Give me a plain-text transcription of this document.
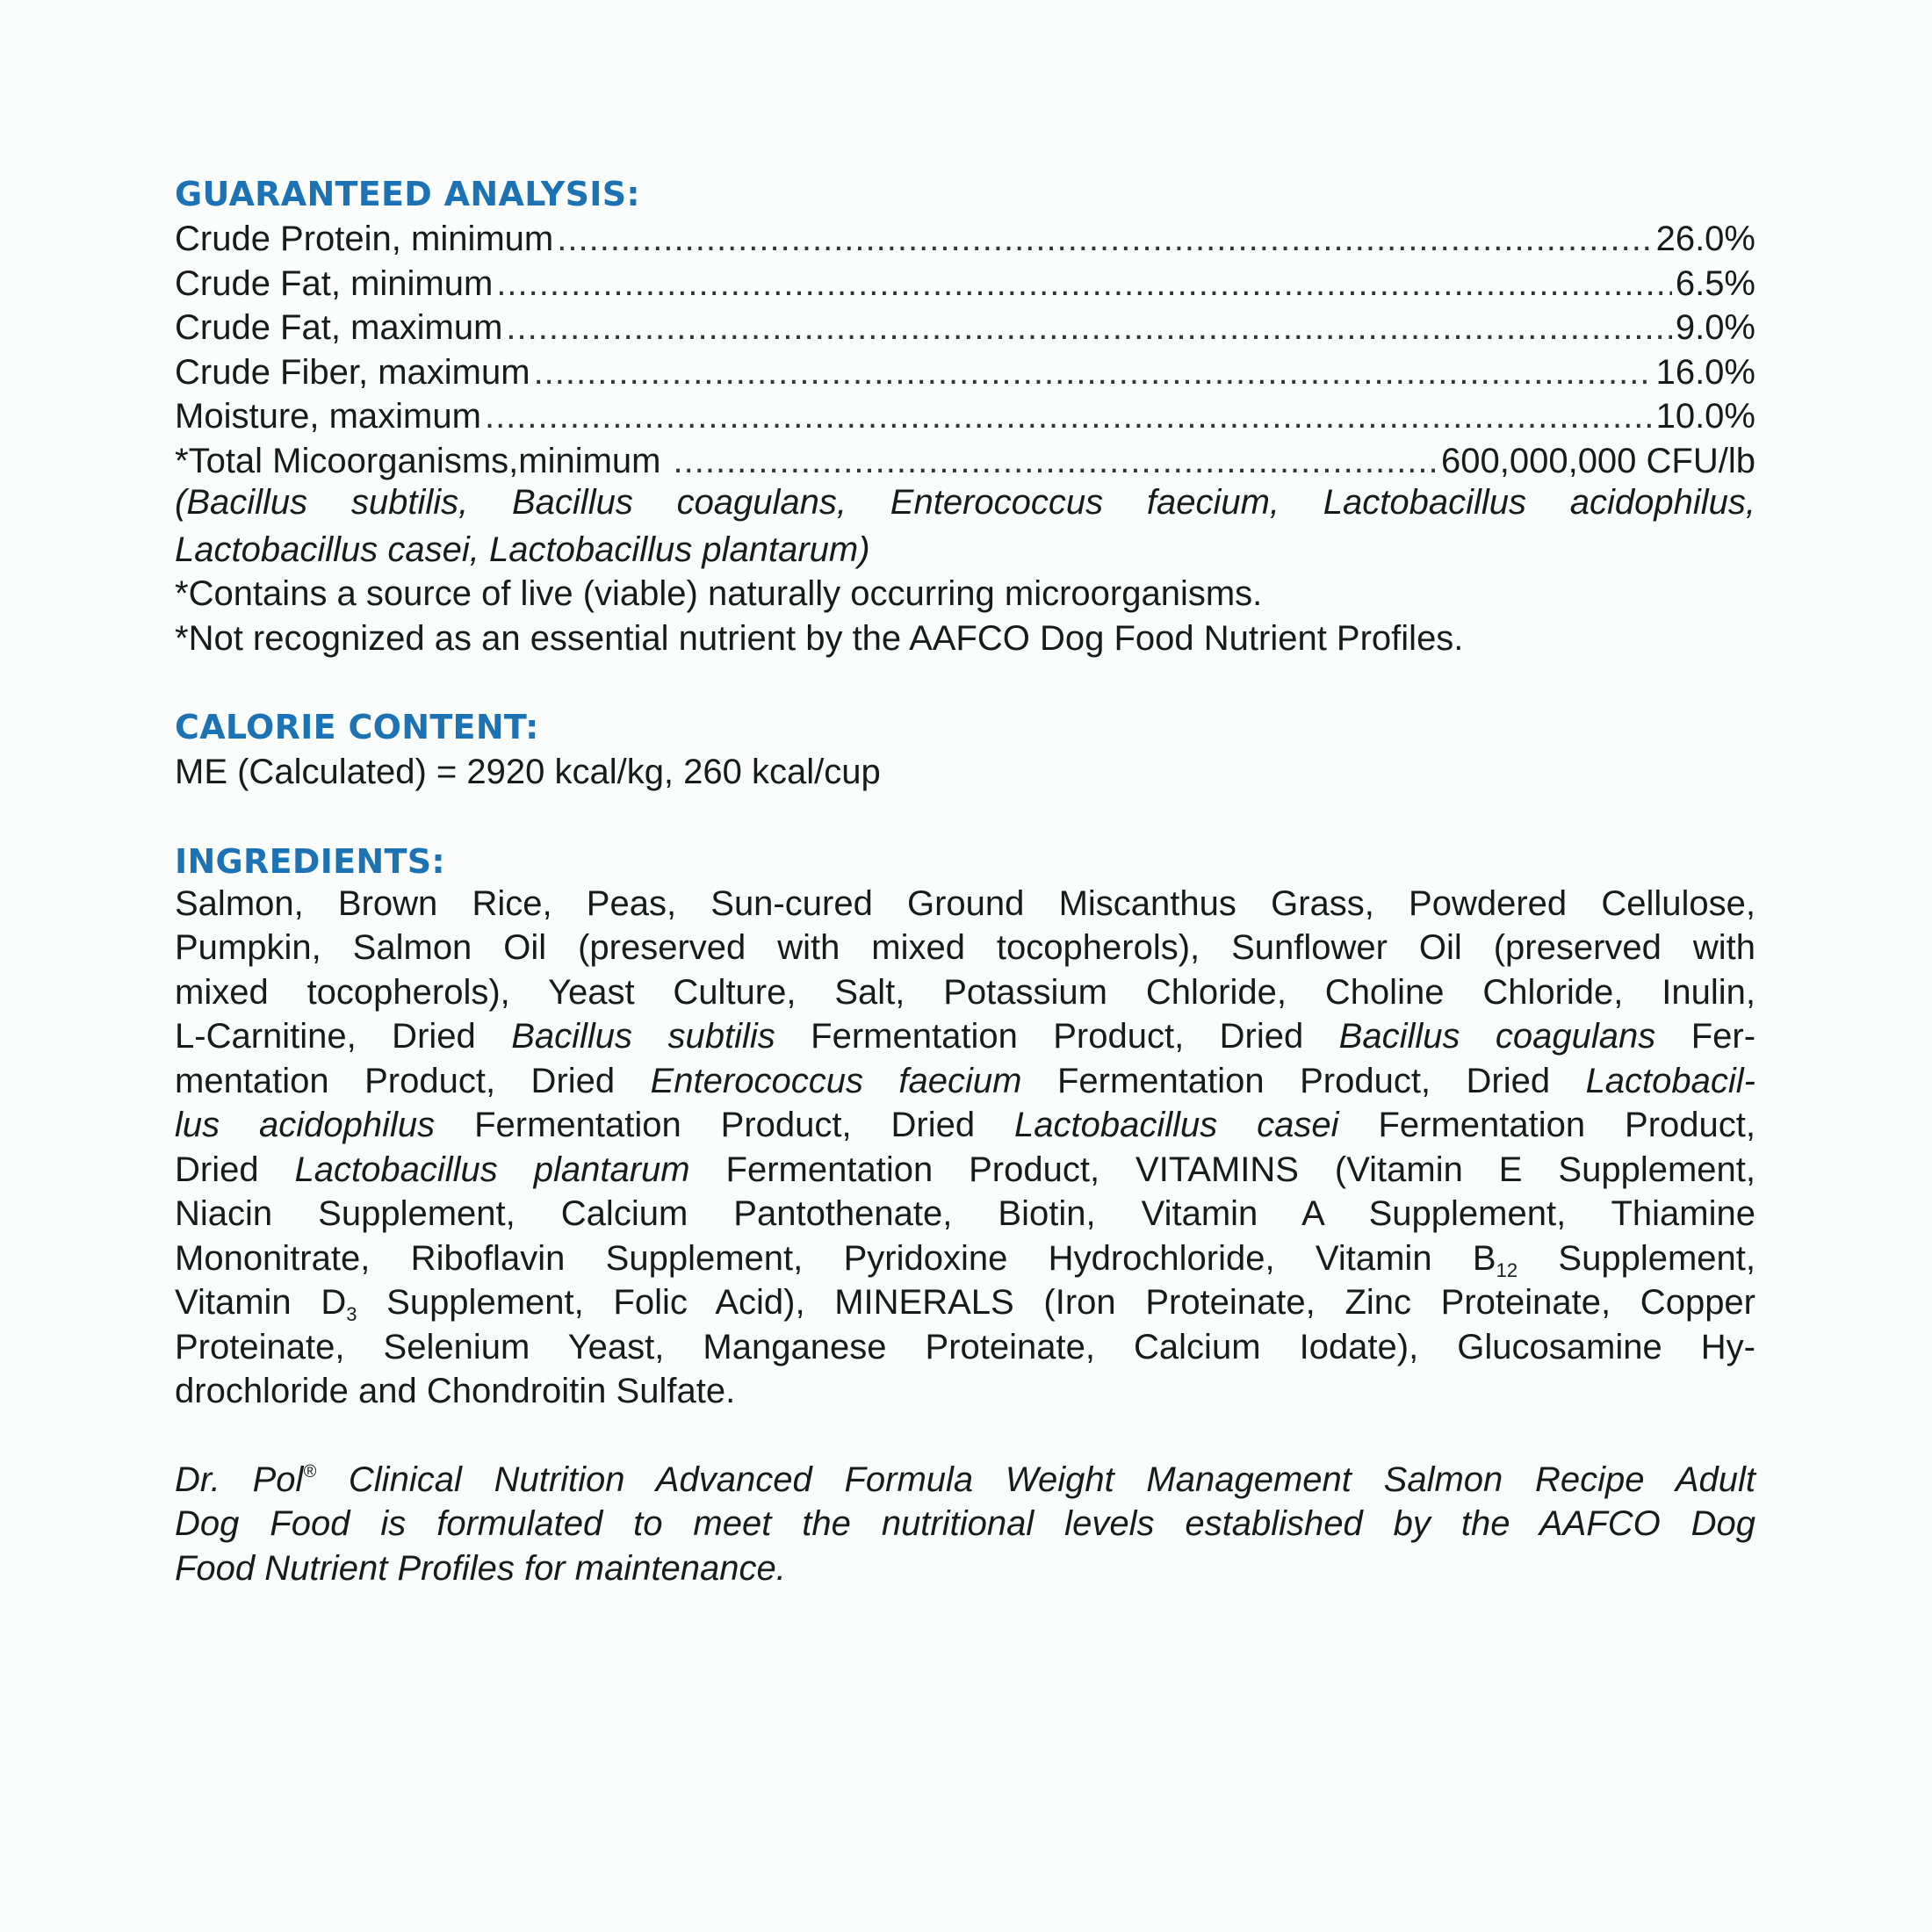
GUARANTEED ANALYSIS:
Crude Protein, minimum .....	26.0%
Crude Fat, minimum .....	6.5%
Crude Fat, maximum .....	9.0%
Crude Fiber, maximum .....	16.0%
Moisture, maximum .....	10.0%
*Total Micoorganisms,minimum .....	600,000,000 CFU/lb
(Bacillus subtilis, Bacillus coagulans, Enterococcus faecium, Lactobacillus acidophilus,
Lactobacillus casei, Lactobacillus plantarum)
*Contains a source of live (viable) naturally occurring microorganisms.
*Not recognized as an essential nutrient by the AAFCO Dog Food Nutrient Profiles.
CALORIE CONTENT:
ME (Calculated) = 2920 kcal/kg, 260 kcal/cup
INGREDIENTS:
Salmon, Brown Rice, Peas, Sun-cured Ground Miscanthus Grass, Powdered Cellulose,
Pumpkin, Salmon Oil (preserved with mixed tocopherols), Sunflower Oil (preserved with
mixed tocopherols), Yeast Culture, Salt, Potassium Chloride, Choline Chloride, Inulin,
L-Carnitine, Dried Bacillus subtilis Fermentation Product, Dried Bacillus coagulans Fer-
mentation Product, Dried Enterococcus faecium Fermentation Product, Dried Lactobacil-
lus acidophilus Fermentation Product, Dried Lactobacillus casei Fermentation Product,
Dried Lactobacillus plantarum Fermentation Product, VITAMINS (Vitamin E Supplement,
Niacin Supplement, Calcium Pantothenate, Biotin, Vitamin A Supplement, Thiamine
Mononitrate, Riboflavin Supplement, Pyridoxine Hydrochloride, Vitamin $B_{12}$ Supplement,
Vitamin $D_3$ Supplement, Folic Acid), MINERALS (Iron Proteinate, Zinc Proteinate, Copper
Proteinate, Selenium Yeast, Manganese Proteinate, Calcium Iodate), Glucosamine Hy-
drochloride and Chondroitin Sulfate.
Dr. Pol® Clinical Nutrition Advanced Formula Weight Management Salmon Recipe Adult
Dog Food is formulated to meet the nutritional levels established by the AAFCO Dog
Food Nutrient Profiles for maintenance.
